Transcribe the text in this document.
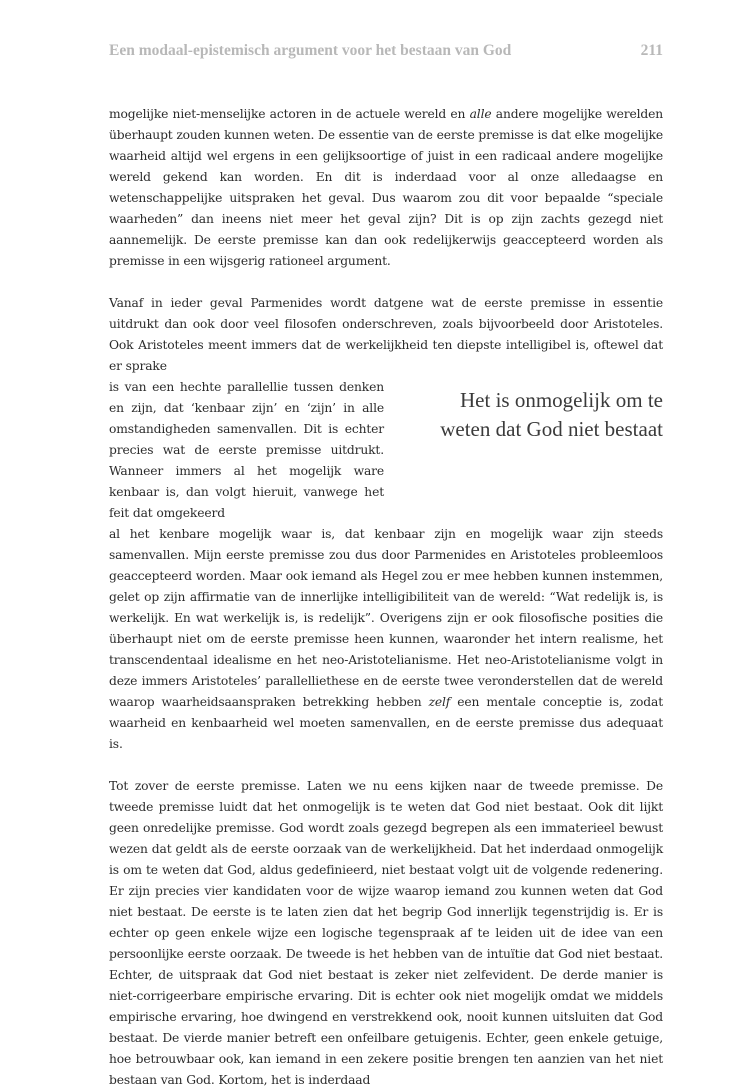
Een modaal-epistemisch argument voor het bestaan van God	211

mogelijke niet-menselijke actoren in de actuele wereld en alle andere mogelijke werelden überhaupt zouden kunnen weten. De essentie van de eerste premisse is dat elke mogelijke waarheid altijd wel ergens in een gelijksoortige of juist in een radicaal andere mogelijke wereld gekend kan worden. En dit is inderdaad voor al onze alledaagse en wetenschappelijke uitspraken het geval. Dus waarom zou dit voor bepaalde “speciale waarheden” dan ineens niet meer het geval zijn? Dit is op zijn zachts gezegd niet aannemelijk. De eerste premisse kan dan ook redelijkerwijs geaccepteerd worden als premisse in een wijsgerig rationeel argument.

Vanaf in ieder geval Parmenides wordt datgene wat de eerste premisse in essentie uitdrukt dan ook door veel filosofen onderschreven, zoals bijvoorbeeld door Aristoteles. Ook Aristoteles meent immers dat de werkelijkheid ten diepste intelligibel is, oftewel dat er sprake

is van een hechte parallellie tussen denken en zijn, dat ‘kenbaar zijn’ en ‘zijn’ in alle omstandigheden samenvallen. Dit is echter precies wat de eerste premisse uitdrukt. Wanneer immers al het mogelijk ware kenbaar is, dan volgt hieruit, vanwege het feit dat omgekeerd

al het kenbare mogelijk waar is, dat kenbaar zijn en mogelijk waar zijn steeds samenvallen. Mijn eerste premisse zou dus door Parmenides en Aristoteles probleemloos geaccepteerd worden. Maar ook iemand als Hegel zou er mee hebben kunnen instemmen, gelet op zijn affirmatie van de innerlijke intelligibiliteit van de wereld: “Wat redelijk is, is werkelijk. En wat werkelijk is, is redelijk”. Overigens zijn er ook filosofische posities die überhaupt niet om de eerste premisse heen kunnen, waaronder het intern realisme, het transcendentaal idealisme en het neo-Aristotelianisme. Het neo-Aristotelianisme volgt in deze immers Aristoteles’ parallelliethese en de eerste twee veronderstellen dat de wereld waarop waarheidsaanspraken betrekking hebben zelf een mentale conceptie is, zodat waarheid en kenbaarheid wel moeten samenvallen, en de eerste premisse dus adequaat is.

Tot zover de eerste premisse. Laten we nu eens kijken naar de tweede premisse. De tweede premisse luidt dat het onmogelijk is te weten dat God niet bestaat. Ook dit lijkt geen onredelijke premisse. God wordt zoals gezegd begrepen als een immaterieel bewust wezen dat geldt als de eerste oorzaak van de werkelijkheid. Dat het inderdaad onmogelijk is om te weten dat God, aldus gedefinieerd, niet bestaat volgt uit de volgende redenering. Er zijn precies vier kandidaten voor de wijze waarop iemand zou kunnen weten dat God niet bestaat. De eerste is te laten zien dat het begrip God innerlijk tegenstrijdig is. Er is echter op geen enkele wijze een logische tegenspraak af te leiden uit de idee van een persoonlijke eerste oorzaak. De tweede is het hebben van de intuïtie dat God niet bestaat. Echter, de uitspraak dat God niet bestaat is zeker niet zelfevident. De derde manier is niet-corrigeerbare empirische ervaring. Dit is echter ook niet mogelijk omdat we middels empirische ervaring, hoe dwingend en verstrekkend ook, nooit kunnen uitsluiten dat God bestaat. De vierde manier betreft een onfeilbare getuigenis. Echter, geen enkele getuige, hoe betrouwbaar ook, kan iemand in een zekere positie brengen ten aanzien van het niet bestaan van God. Kortom, het is inderdaad

Het is onmogelijk om te weten dat God niet bestaat
